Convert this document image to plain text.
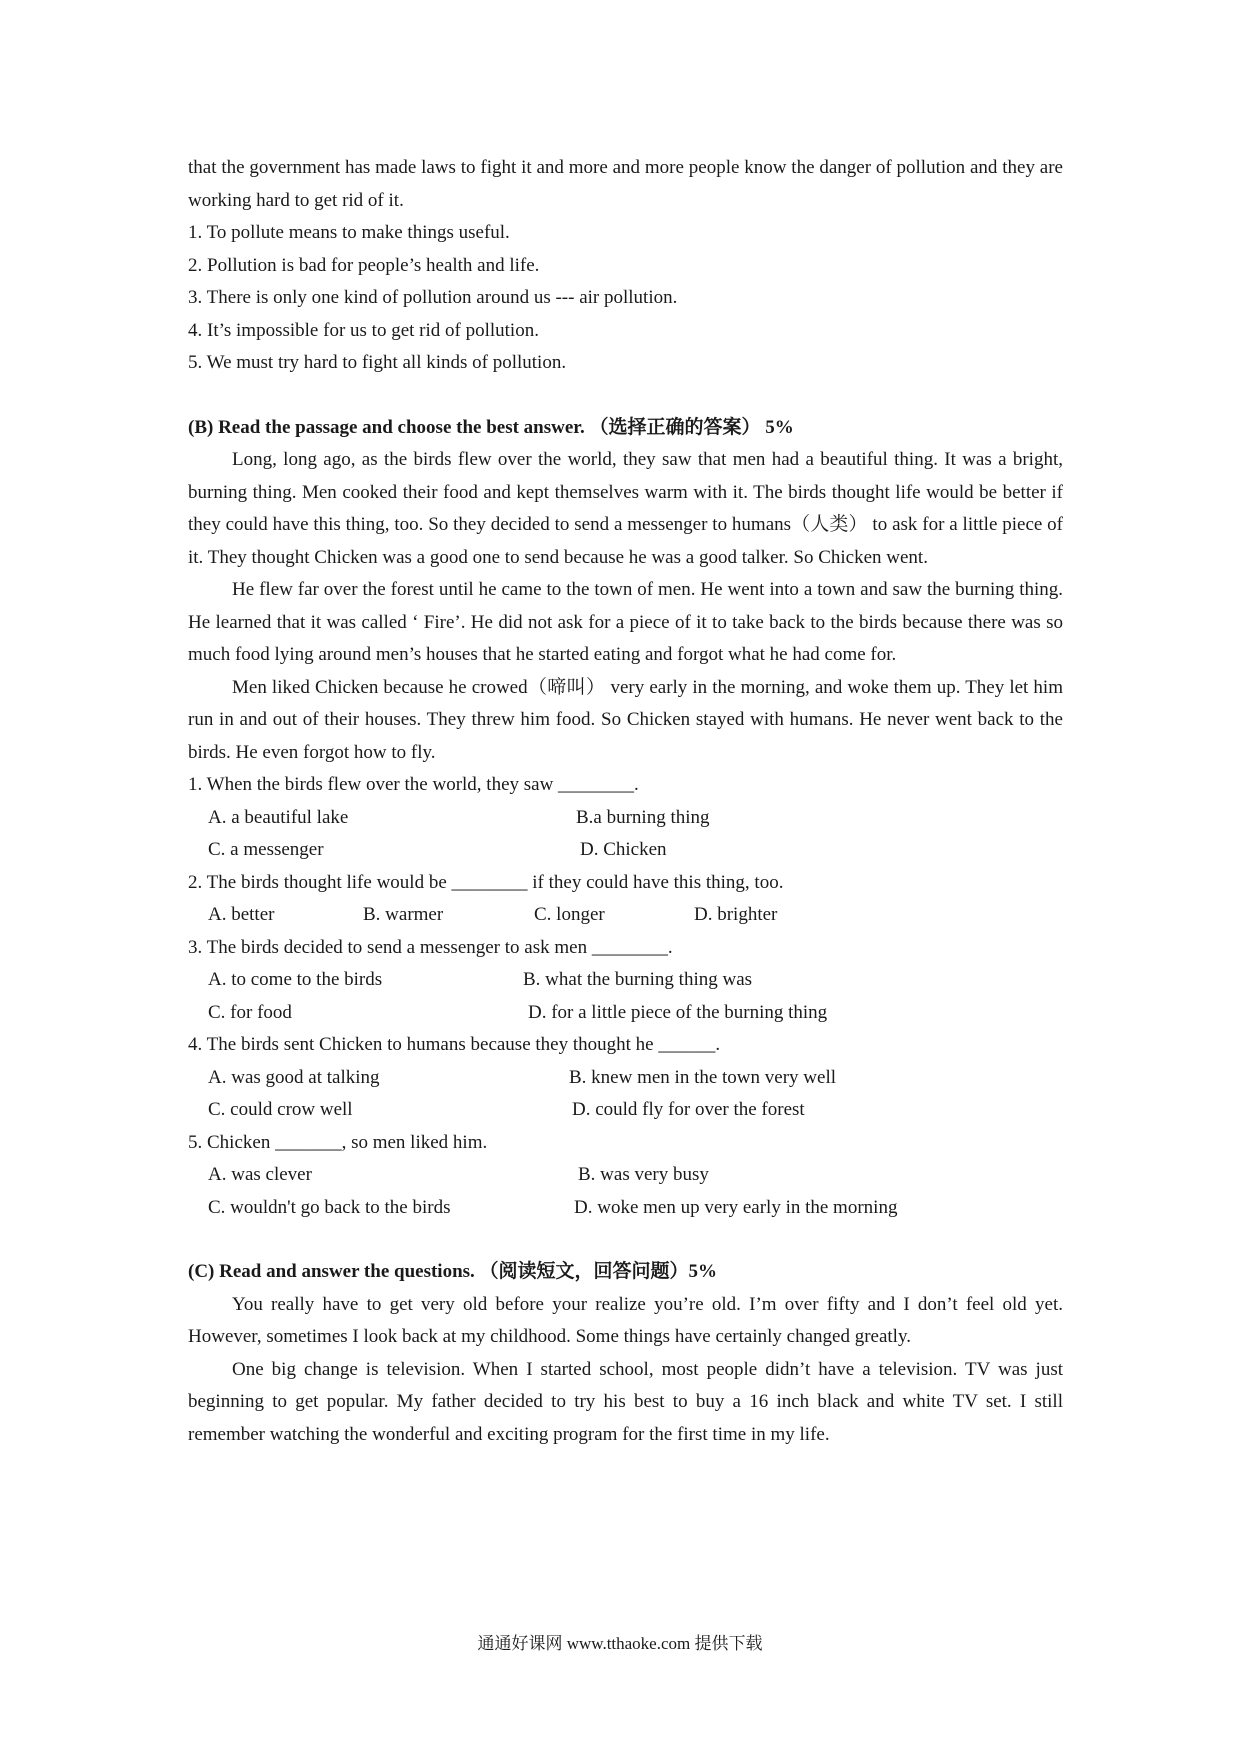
that the government has made laws to fight it and more and more people know the danger of pollution and they are working hard to get rid of it.
1. To pollute means to make things useful.
2. Pollution is bad for people’s health and life.
3. There is only one kind of pollution around us --- air pollution.
4. It’s impossible for us to get rid of pollution.
5. We must try hard to fight all kinds of pollution.
(B) Read the passage and choose the best answer. （选择正确的答案） 5%
Long, long ago, as the birds flew over the world, they saw that men had a beautiful thing. It was a bright, burning thing. Men cooked their food and kept themselves warm with it. The birds thought life would be better if they could have this thing, too. So they decided to send a messenger to humans（人类） to ask for a little piece of it. They thought Chicken was a good one to send because he was a good talker. So Chicken went.
He flew far over the forest until he came to the town of men. He went into a town and saw the burning thing. He learned that it was called ‘ Fire’. He did not ask for a piece of it to take back to the birds because there was so much food lying around men’s houses that he started eating and forgot what he had come for.
Men liked Chicken because he crowed（啼叫） very early in the morning, and woke them up. They let him run in and out of their houses. They threw him food. So Chicken stayed with humans. He never went back to the birds. He even forgot how to fly.
1. When the birds flew over the world, they saw ________.
A. a beautiful lake	B.a burning thing
C. a messenger	D. Chicken
2. The birds thought life would be ________ if they could have this thing, too.
A. better	B. warmer	C. longer	D. brighter
3. The birds decided to send a messenger to ask men ________.
A. to come to the birds	B. what the burning thing was
C. for food	D. for a little piece of the burning thing
4. The birds sent Chicken to humans because they thought he ______.
A. was good at talking	B. knew men in the town very well
C. could crow well	D. could fly for over the forest
5. Chicken _______, so men liked him.
A. was clever	B. was very busy
C. wouldn't go back to the birds	D. woke men up very early in the morning
(C) Read and answer the questions. （阅读短文，回答问题）5%
You really have to get very old before your realize you’re old. I’m over fifty and I don’t feel old yet. However, sometimes I look back at my childhood. Some things have certainly changed greatly.
One big change is television. When I started school, most people didn’t have a television. TV was just beginning to get popular. My father decided to try his best to buy a 16 inch black and white TV set. I still remember watching the wonderful and exciting program for the first time in my life.
通通好课网 www.tthaoke.com 提供下载
